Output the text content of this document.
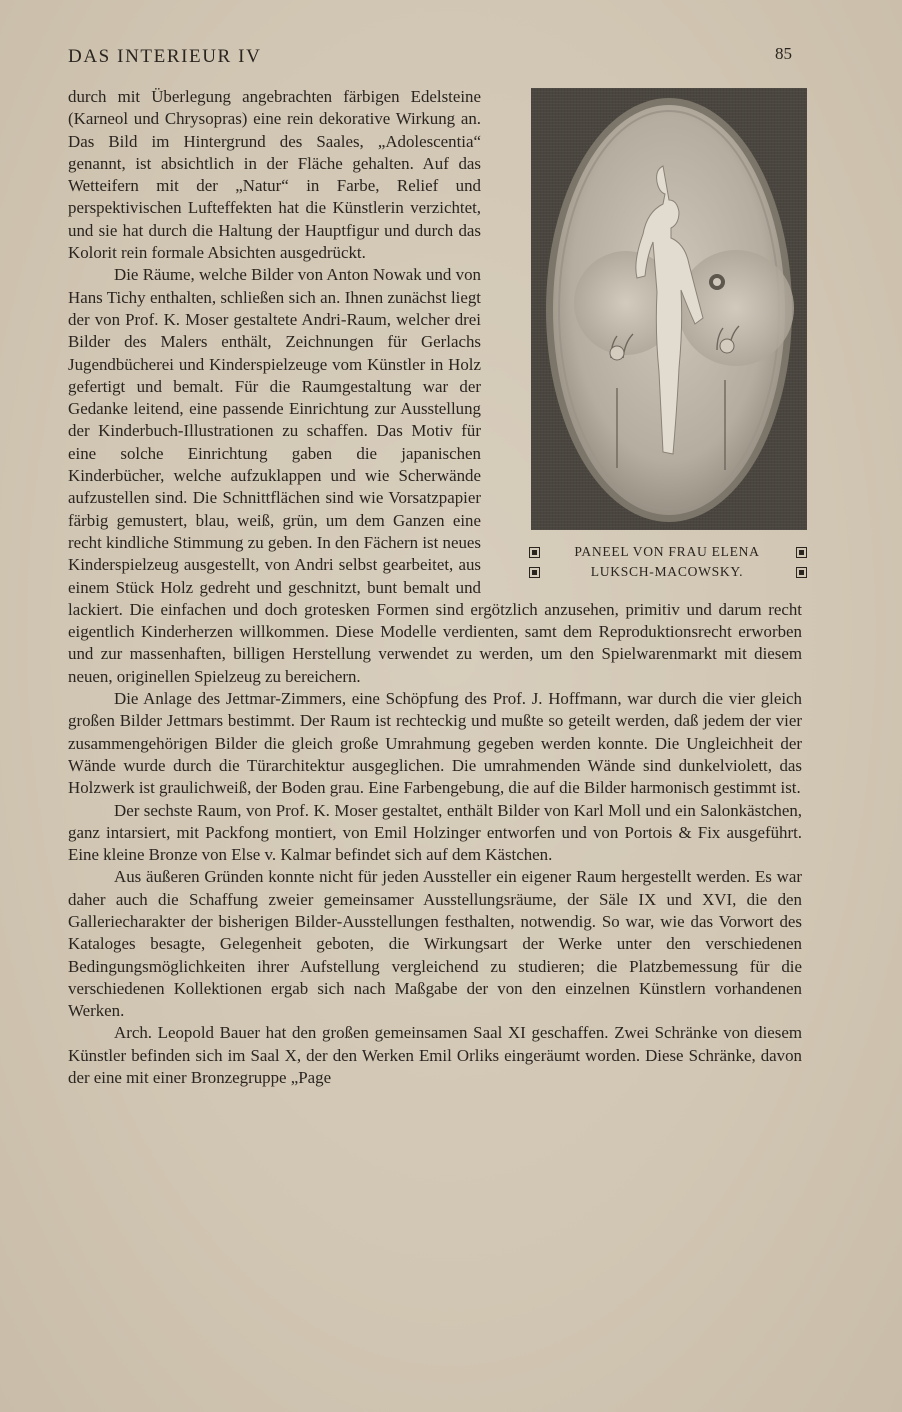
DAS INTERIEUR IV	85
PANEEL VON FRAU ELENA
LUKSCH-MACOWSKY.

durch mit Überlegung angebrachten färbigen Edelsteine (Karneol und Chrysopras) eine rein dekorative Wirkung an. Das Bild im Hintergrund des Saales, „Adolescentia“ genannt, ist absichtlich in der Fläche gehalten. Auf das Wetteifern mit der „Natur“ in Farbe, Relief und perspektivischen Lufteffekten hat die Künstlerin verzichtet, und sie hat durch die Haltung der Hauptfigur und durch das Kolorit rein formale Absichten ausgedrückt.

Die Räume, welche Bilder von Anton Nowak und von Hans Tichy enthalten, schließen sich an. Ihnen zunächst liegt der von Prof. K. Moser gestaltete Andri-Raum, welcher drei Bilder des Malers enthält, Zeichnungen für Gerlachs Jugendbücherei und Kinderspielzeuge vom Künstler in Holz gefertigt und bemalt. Für die Raumgestaltung war der Gedanke leitend, eine passende Einrichtung zur Ausstellung der Kinderbuch-Illustrationen zu schaffen. Das Motiv für eine solche Einrichtung gaben die japanischen Kinderbücher, welche aufzuklappen und wie Scherwände aufzustellen sind. Die Schnittflächen sind wie Vorsatzpapier färbig gemustert, blau, weiß, grün, um dem Ganzen eine recht kindliche Stimmung zu geben. In den Fächern ist neues Kinderspielzeug ausgestellt, von Andri selbst gearbeitet, aus einem Stück Holz gedreht und geschnitzt, bunt bemalt und lackiert. Die einfachen und doch grotesken Formen sind ergötzlich anzusehen, primitiv und darum recht eigentlich Kinderherzen willkommen. Diese Modelle verdienten, samt dem Reproduktionsrecht erworben und zur massenhaften, billigen Herstellung verwendet zu werden, um den Spielwarenmarkt mit diesem neuen, originellen Spielzeug zu bereichern.

Die Anlage des Jettmar-Zimmers, eine Schöpfung des Prof. J. Hoffmann, war durch die vier gleich großen Bilder Jettmars bestimmt. Der Raum ist rechteckig und mußte so geteilt werden, daß jedem der vier zusammengehörigen Bilder die gleich große Umrahmung gegeben werden konnte. Die Ungleichheit der Wände wurde durch die Türarchitektur ausgeglichen. Die umrahmenden Wände sind dunkelviolett, das Holzwerk ist graulichweiß, der Boden grau. Eine Farbengebung, die auf die Bilder harmonisch gestimmt ist.

Der sechste Raum, von Prof. K. Moser gestaltet, enthält Bilder von Karl Moll und ein Salonkästchen, ganz intarsiert, mit Packfong montiert, von Emil Holzinger entworfen und von Portois & Fix ausgeführt. Eine kleine Bronze von Else v. Kalmar befindet sich auf dem Kästchen.

Aus äußeren Gründen konnte nicht für jeden Aussteller ein eigener Raum hergestellt werden. Es war daher auch die Schaffung zweier gemeinsamer Ausstellungsräume, der Säle IX und XVI, die den Galleriecharakter der bisherigen Bilder-Ausstellungen festhalten, notwendig. So war, wie das Vorwort des Kataloges besagte, Gelegenheit geboten, die Wirkungsart der Werke unter den verschiedenen Bedingungsmöglichkeiten ihrer Aufstellung vergleichend zu studieren; die Platzbemessung für die verschiedenen Kollektionen ergab sich nach Maßgabe der von den einzelnen Künstlern vorhandenen Werken.

Arch. Leopold Bauer hat den großen gemeinsamen Saal XI geschaffen. Zwei Schränke von diesem Künstler befinden sich im Saal X, der den Werken Emil Orliks eingeräumt worden. Diese Schränke, davon der eine mit einer Bronzegruppe „Page
